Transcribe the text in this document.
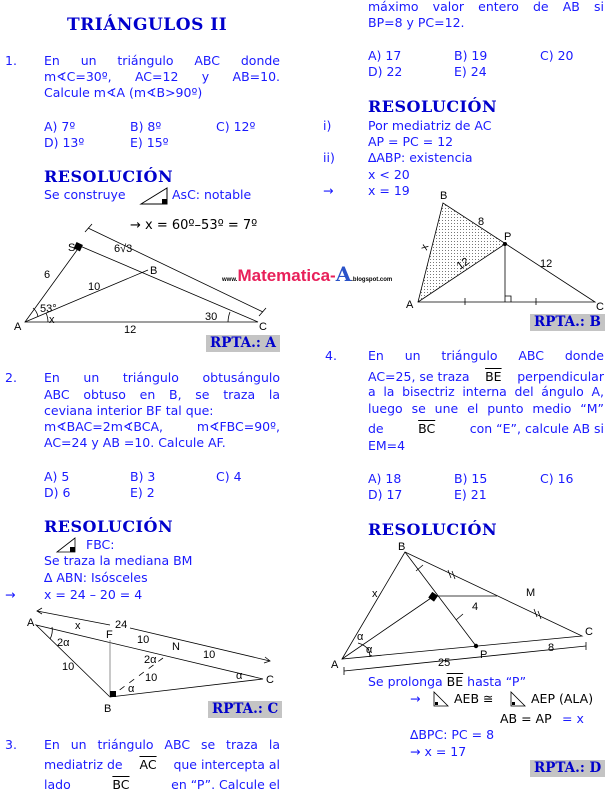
TRIÁNGULOS II
1. En un triángulo ABC donde
m∢C=30º, AC=12 y AB=10.
Calcule m∢A (m∢B>90º)
A) 7º	B) 8º	C) 12º
D) 13º	E) 15º
RESOLUCIÓN
Se construye	AsC: notable
→ x = 60º–53º = 7º
S
B
A	C
6
6√3
10
12
53°
x	30
www.Matematica-A.blogspot.com
RPTA.: A
2. En un triángulo obtusángulo
ABC obtuso en B, se traza la
ceviana interior BF tal que:
m∢BAC=2m∢BCA, m∢FBC=90º,
AC=24 y AB =10. Calcule AF.
A) 5	B) 3	C) 4
D) 6	E) 2
RESOLUCIÓN
FBC:
Se traza la mediana BM
∆ ABN: Isósceles
→ x = 24 – 20 = 4
A
F
B
C
N
x	24
10
10
10
10
2α
2α
α
α
RPTA.: C
3. En un triángulo ABC se traza la
mediatriz de $\overline{AC}$ que intercepta al
lado	$\overline{BC}$	en “P”. Calcule el
máximo valor entero de AB si
BP=8 y PC=12.
A) 17	B) 19	C) 20
D) 22	E) 24
RESOLUCIÓN
i)	Por mediatriz de AC
AP = PC = 12
ii)	∆ABP: existencia
x < 20
→	x = 19	B
P
A	C
8
12
12
x
RPTA.: B
4. En un triángulo ABC donde
AC=25, se traza $\overline{BE}$ perpendicular
a la bisectriz interna del ángulo A,
luego se une el punto medio “M”
de	$\overline{BC}$	con “E”, calcule AB si
EM=4
A) 18	B) 15	C) 16
D) 17	E) 21
RESOLUCIÓN
B
M
A
C
P
x
4
25
8
α
α
Se prolonga $\overline{BE}$ hasta “P”
→	AEB ≅	AEP (ALA)
AB = AP = x
∆BPC: PC = 8
→ x = 17
RPTA.: D
